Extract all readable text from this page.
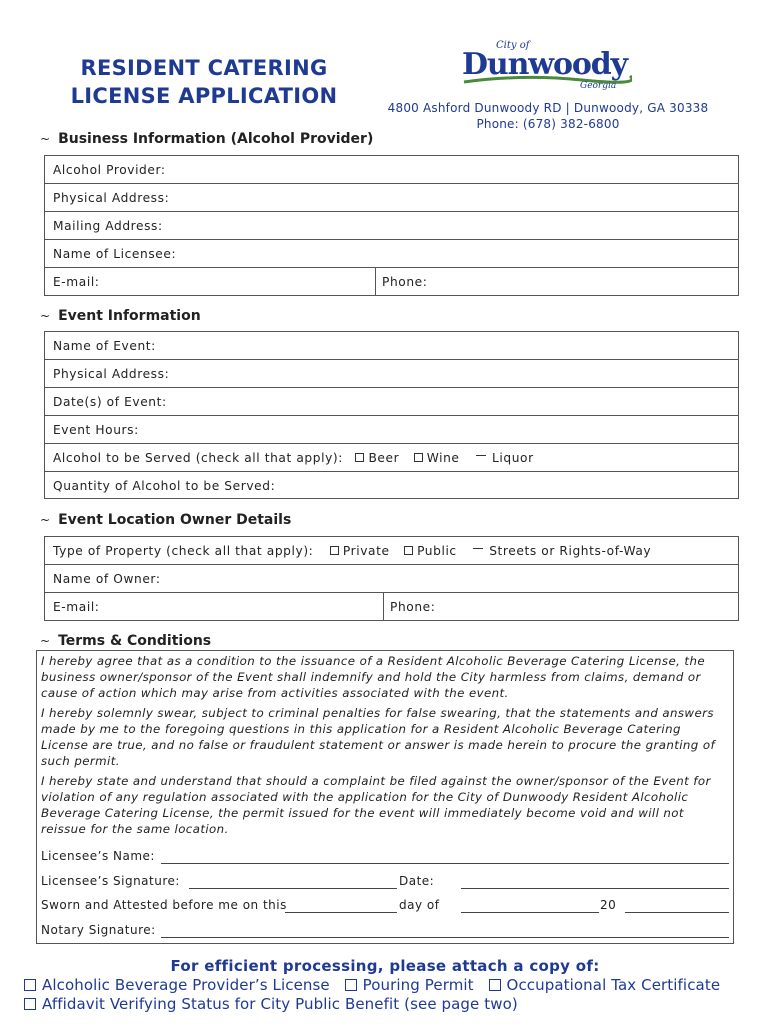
RESIDENT CATERING
LICENSE APPLICATION
City of
Dunwoody
Georgia
4800 Ashford Dunwoody RD | Dunwoody, GA 30338
Phone: (678) 382-6800
~ Business Information (Alcohol Provider)
Alcohol Provider:
Physical Address:
Mailing Address:
Name of Licensee:
E-mail:	Phone:
~ Event Information
Name of Event:
Physical Address:
Date(s) of Event:
Event Hours:
Alcohol to be Served (check all that apply): Beer Wine	Liquor
Quantity of Alcohol to be Served:
~ Event Location Owner Details
Type of Property (check all that apply): Private Public	Streets or Rights-of-Way
Name of Owner:
E-mail:	Phone:
~ Terms & Conditions

I hereby agree that as a condition to the issuance of a Resident Alcoholic Beverage Catering License, the business owner/sponsor of the Event shall indemnify and hold the City harmless from claims, demand or cause of action which may arise from activities associated with the event.

I hereby solemnly swear, subject to criminal penalties for false swearing, that the statements and answers made by me to the foregoing questions in this application for a Resident Alcoholic Beverage Catering License are true, and no false or fraudulent statement or answer is made herein to procure the granting of such permit.

I hereby state and understand that should a complaint be filed against the owner/sponsor of the Event for violation of any regulation associated with the application for the City of Dunwoody Resident Alcoholic Beverage Catering License, the permit issued for the event will immediately become void and will not reissue for the same location.

Licensee’s Name:
Licensee’s Signature:	Date:
Sworn and Attested before me on this	day of	20
Notary Signature:
For efficient processing, please attach a copy of:
Alcoholic Beverage Provider’s License Pouring Permit Occupational Tax Certificate
Affidavit Verifying Status for City Public Benefit (see page two)
